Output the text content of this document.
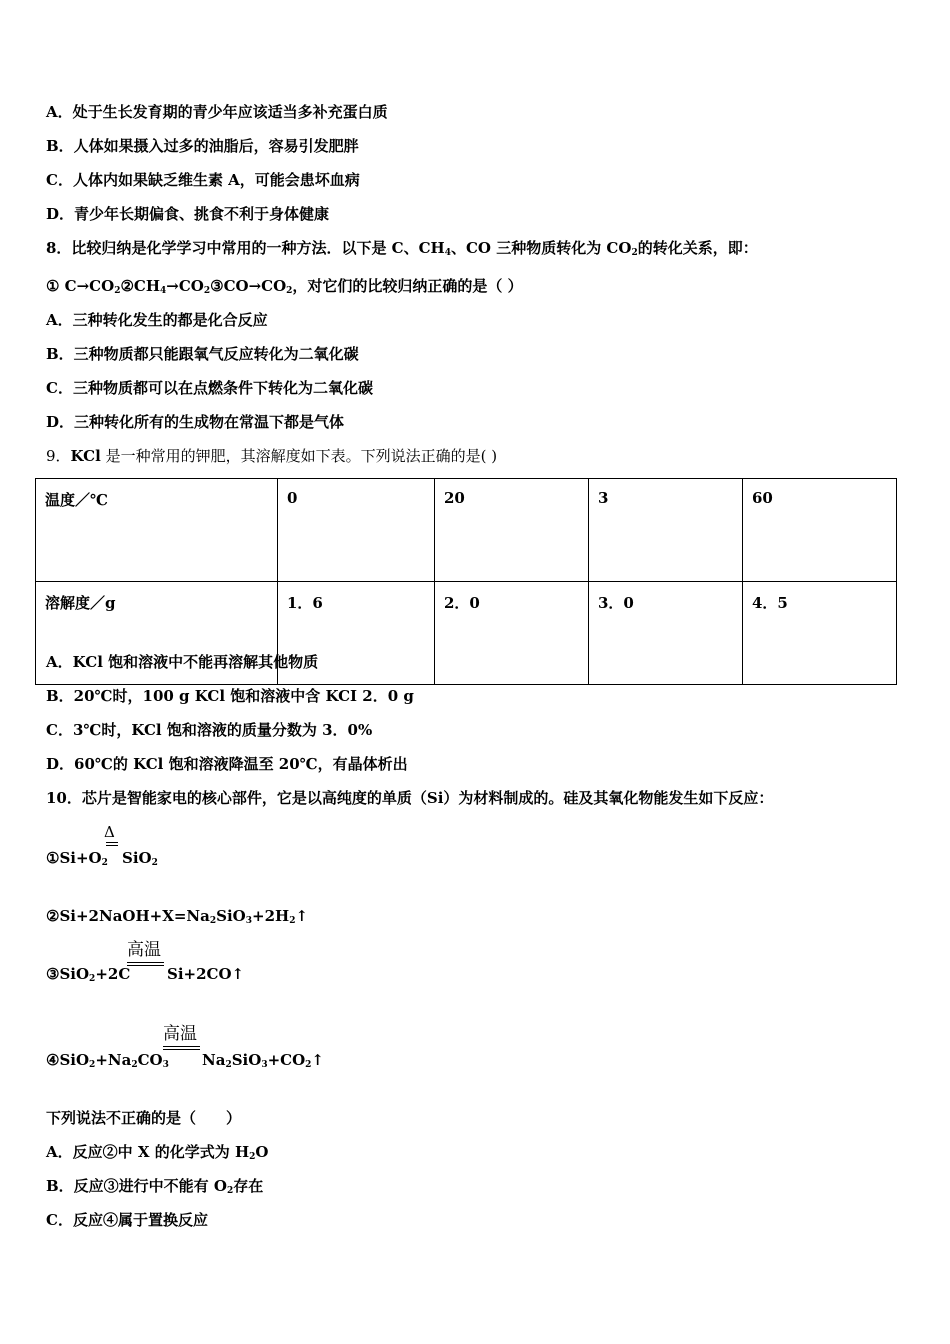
A．处于生长发育期的青少年应该适当多补充蛋白质
B．人体如果摄入过多的油脂后，容易引发肥胖
C．人体内如果缺乏维生素 A，可能会患坏血病
D．青少年长期偏食、挑食不利于身体健康
8．比较归纳是化学学习中常用的一种方法．以下是 C、$CH_4$、CO 三种物质转化为 $CO_2$的转化关系，即：
① $C\to CO_2②CH_4\to CO_2③CO\to CO_2$，对它们的比较归纳正确的是（ ）
A．三种转化发生的都是化合反应
B．三种物质都只能跟氧气反应转化为二氧化碳
C．三种物质都可以在点燃条件下转化为二氧化碳
D．三种转化所有的生成物在常温下都是气体
9．KCl 是一种常用的钾肥，其溶解度如下表。下列说法正确的是( )
温度／℃	0	20	3	60
溶解度／g	1．6	2．0	3．0	4．5
A．KCl 饱和溶液中不能再溶解其他物质
B．20℃时，100 g KCl 饱和溶液中含 KCI 2．0 g
C．3℃时，KCl 饱和溶液的质量分数为 3．0%
D．60℃的 KCl 饱和溶液降温至 20℃，有晶体析出
10．芯片是智能家电的核心部件，它是以高纯度的单质（Si）为材料制成的。硅及其氧化物能发生如下反应：
$①Si+O_2$
Δ
SiO$_2$
$②Si+2NaOH+X=Na_2SiO_3+2H_2↑$
③SiO$_2$+2C
高温
Si+2CO↑
$④SiO_2+Na_2CO_3$
高温
$Na_2SiO_3+CO_2↑$
下列说法不正确的是（　　）
A．反应②中 X 的化学式为 $H_2O$
B．反应③进行中不能有 $O_2$存在
C．反应④属于置换反应
